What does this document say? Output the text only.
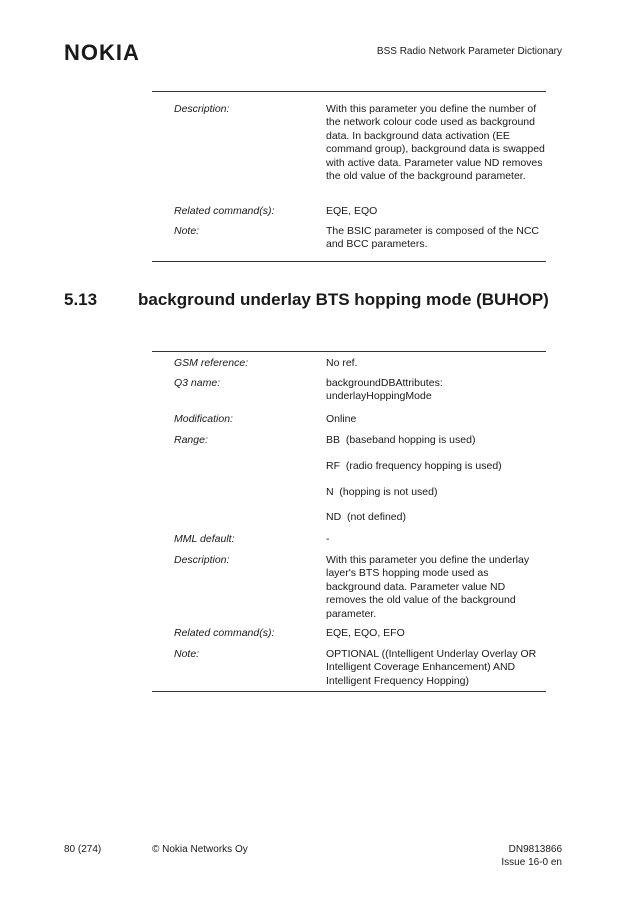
NOKIA	BSS Radio Network Parameter Dictionary
Description:	With this parameter you define the number of the network colour code used as background data. In background data activation (EE command group), background data is swapped with active data. Parameter value ND removes the old value of the background parameter.
Related command(s):	EQE, EQO
Note:	The BSIC parameter is composed of the NCC and BCC parameters.
5.13 background underlay BTS hopping mode (BUHOP)
GSM reference:	No ref.
Q3 name:	backgroundDBAttributes: underlayHoppingMode
Modification:	Online
Range:	BB  (baseband hopping is used)
RF  (radio frequency hopping is used)
N  (hopping is not used)
ND  (not defined)
MML default:	-
Description:	With this parameter you define the underlay layer's BTS hopping mode used as background data. Parameter value ND removes the old value of the background parameter.
Related command(s):	EQE, EQO, EFO
Note:	OPTIONAL ((Intelligent Underlay Overlay OR Intelligent Coverage Enhancement) AND Intelligent Frequency Hopping)
80 (274)	© Nokia Networks Oy	DN9813866
Issue 16-0 en
